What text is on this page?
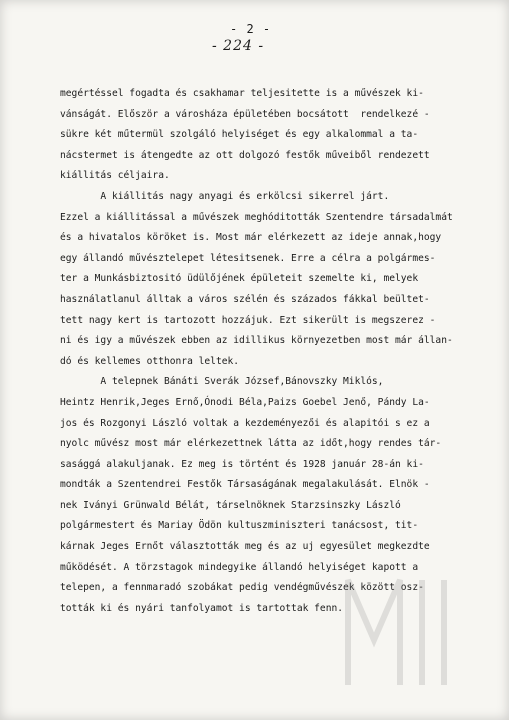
- 2 -
- 224 -
megértéssel fogadta és csakhamar teljesitette is a művészek ki-
vánságát. Először a városháza épületében bocsátott  rendelkezé -
sükre két műtermül szolgáló helyiséget és egy alkalommal a ta-
nácstermet is átengedte az ott dolgozó festők műveiből rendezett
kiállitás céljaira.
A kiállitás nagy anyagi és erkölcsi sikerrel járt.
Ezzel a kiállitással a művészek meghóditották Szentendre társadalmát
és a hivatalos köröket is. Most már elérkezett az ideje annak,hogy
egy állandó művésztelepet létesitsenek. Erre a célra a polgármes-
ter a Munkásbiztositó üdülőjének épületeit szemelte ki, melyek
használatlanul álltak a város szélén és százados fákkal beültet-
tett nagy kert is tartozott hozzájuk. Ezt sikerült is megszerez -
ni és igy a művészek ebben az idillikus környezetben most már állan-
dó és kellemes otthonra leltek.
A telepnek Bánáti Sverák József,Bánovszky Miklós,
Heintz Henrik,Jeges Ernő,Ónodi Béla,Paizs Goebel Jenő, Pándy La-
jos és Rozgonyi László voltak a kezdeményezői és alapitói s ez a
nyolc művész most már elérkezettnek látta az időt,hogy rendes tár-
sasággá alakuljanak. Ez meg is történt és 1928 január 28-án ki-
mondták a Szentendrei Festők Társaságának megalakulását. Elnök -
nek Iványi Grünwald Bélát, társelnöknek Starzsinszky László
polgármestert és Mariay Ödön kultuszminiszteri tanácsost, tit-
kárnak Jeges Ernőt választották meg és az uj egyesület megkezdte
működését. A törzstagok mindegyike állandó helyiséget kapott a
telepen, a fennmaradó szobákat pedig vendégművészek között osz-
tották ki és nyári tanfolyamot is tartottak fenn.
